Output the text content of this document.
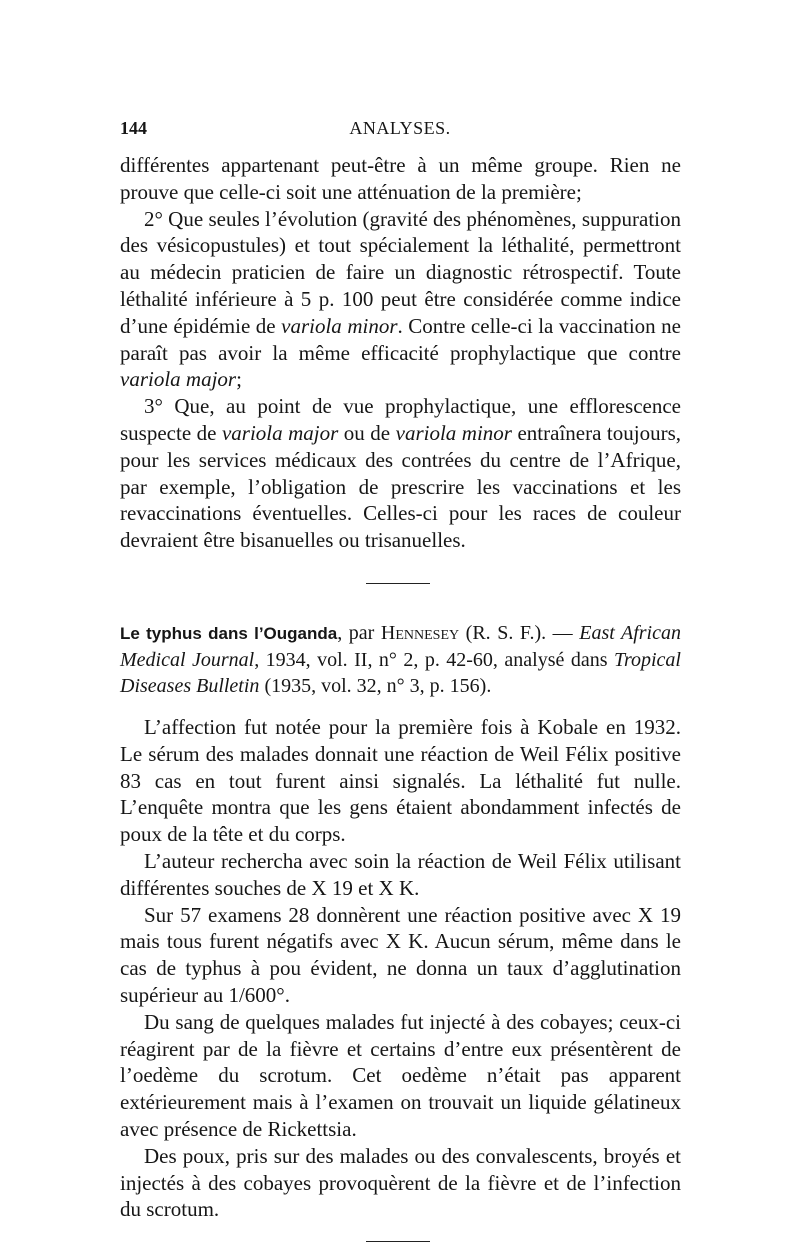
144	ANALYSES.

différentes appartenant peut-être à un même groupe. Rien ne prouve que celle-ci soit une atténuation de la première;

2° Que seules l’évolution (gravité des phénomènes, suppuration des vésicopustules) et tout spécialement la léthalité, permettront au médecin praticien de faire un diagnostic rétrospectif. Toute léthalité inférieure à 5 p. 100 peut être considérée comme indice d’une épidémie de variola minor. Contre celle-ci la vaccination ne paraît pas avoir la même efficacité prophylactique que contre variola major;

3° Que, au point de vue prophylactique, une efflorescence suspecte de variola major ou de variola minor entraînera toujours, pour les services médicaux des contrées du centre de l’Afrique, par exemple, l’obligation de prescrire les vaccinations et les revaccinations éventuelles. Celles-ci pour les races de couleur devraient être bisanuelles ou trisanuelles.

Le typhus dans l’Ouganda, par Hennesey (R. S. F.). — East African Medical Journal, 1934, vol. II, n° 2, p. 42-60, analysé dans Tropical Diseases Bulletin (1935, vol. 32, n° 3, p. 156).

L’affection fut notée pour la première fois à Kobale en 1932. Le sérum des malades donnait une réaction de Weil Félix positive 83 cas en tout furent ainsi signalés. La léthalité fut nulle. L’enquête montra que les gens étaient abondamment infectés de poux de la tête et du corps.

L’auteur rechercha avec soin la réaction de Weil Félix utilisant différentes souches de X 19 et X K.

Sur 57 examens 28 donnèrent une réaction positive avec X 19 mais tous furent négatifs avec X K. Aucun sérum, même dans le cas de typhus à pou évident, ne donna un taux d’agglutination supérieur au 1/600°.

Du sang de quelques malades fut injecté à des cobayes; ceux-ci réagirent par de la fièvre et certains d’entre eux présentèrent de l’oedème du scrotum. Cet oedème n’était pas apparent extérieurement mais à l’examen on trouvait un liquide gélatineux avec présence de Rickettsia.

Des poux, pris sur des malades ou des convalescents, broyés et injectés à des cobayes provoquèrent de la fièvre et de l’infection du scrotum.
